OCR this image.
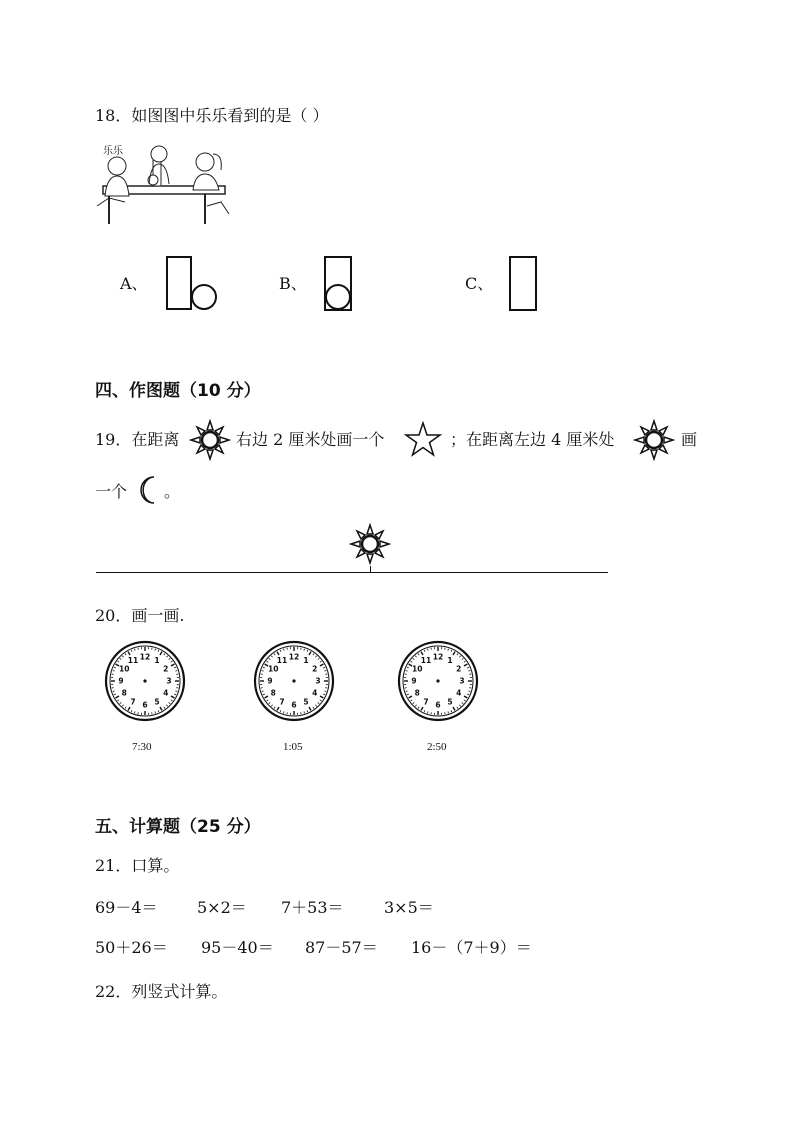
18．如图图中乐乐看到的是（ ）
乐乐
A、	B、	C、
四、作图题（10 分）
19．在距离	右边 2 厘米处画一个	；在距离左边 4 厘米处	画
一个 。
20．画一画.
12 1
2
3
4
5
6
7
8
9
10
11
7:30
12 1
2
3
4
5
6
7
8
9
10
11
1:05
12 1
2
3
4
5
6
7
8
9
10
11
2:50
五、计算题（25 分）
21．口算。
69－4＝ 5×2＝ 7＋53＝	3×5＝
50＋26＝ 95－40＝ 87－57＝ 16－（7＋9）＝
22．列竖式计算。
